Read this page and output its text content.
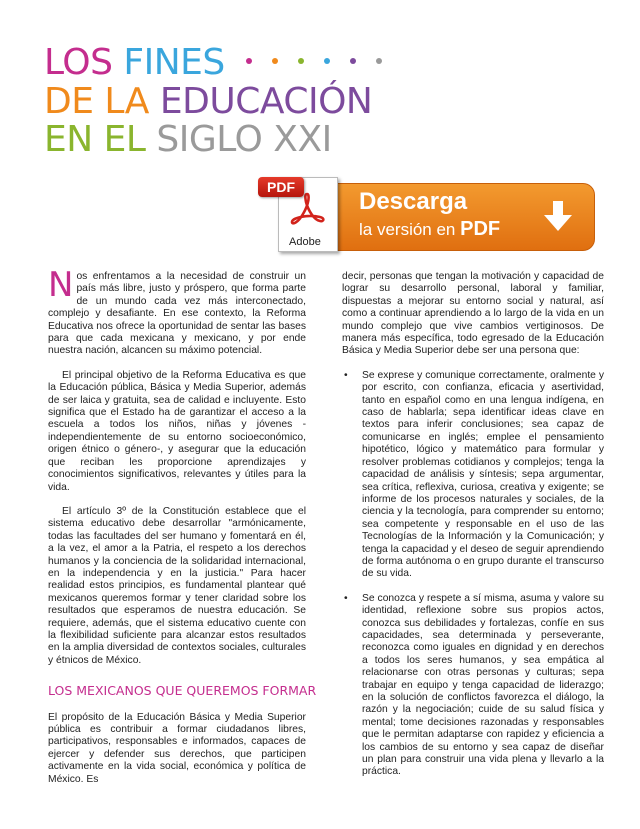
LOS FINES
DE LA EDUCACIÓN
EN EL SIGLO XXI
Descarga
la versión en PDF
Adobe
PDF

Nos enfrentamos a la necesidad de construir un país más libre, justo y próspero, que forma parte de un mundo cada vez más interconectado, complejo y desafiante. En ese contexto, la Reforma Educativa nos ofrece la oportunidad de sentar las bases para que cada mexicana y mexicano, y por ende nuestra nación, alcancen su máximo potencial.

El principal objetivo de la Reforma Educativa es que la Educación pública, Básica y Media Superior, además de ser laica y gratuita, sea de calidad e incluyente. Esto significa que el Estado ha de garantizar el acceso a la escuela a todos los niños, niñas y jóvenes -independientemente de su entorno socioeconómico, origen étnico o género-, y asegurar que la educación que reciban les proporcione aprendizajes y conocimientos significativos, relevantes y útiles para la vida.

El artículo 3º de la Constitución establece que el sistema educativo debe desarrollar "armónicamente, todas las facultades del ser humano y fomentará en él, a la vez, el amor a la Patria, el respeto a los derechos humanos y la conciencia de la solidaridad internacional, en la independencia y en la justicia." Para hacer realidad estos principios, es fundamental plantear qué mexicanos queremos formar y tener claridad sobre los resultados que esperamos de nuestra educación. Se requiere, además, que el sistema educativo cuente con la flexibilidad suficiente para alcanzar estos resultados en la amplia diversidad de contextos sociales, culturales y étnicos de México.

LOS MEXICANOS QUE QUEREMOS FORMAR

El propósito de la Educación Básica y Media Superior pública es contribuir a formar ciudadanos libres, participativos, responsables e informados, capaces de ejercer y defender sus derechos, que participen activamente en la vida social, económica y política de México. Es

decir, personas que tengan la motivación y capacidad de lograr su desarrollo personal, laboral y familiar, dispuestas a mejorar su entorno social y natural, así como a continuar aprendiendo a lo largo de la vida en un mundo complejo que vive cambios vertiginosos. De manera más específica, todo egresado de la Educación Básica y Media Superior debe ser una persona que:

• Se exprese y comunique correctamente, oralmente y por escrito, con confianza, eficacia y asertividad, tanto en español como en una lengua indígena, en caso de hablarla; sepa identificar ideas clave en textos para inferir conclusiones; sea capaz de comunicarse en inglés; emplee el pensamiento hipotético, lógico y matemático para formular y resolver problemas cotidianos y complejos; tenga la capacidad de análisis y síntesis; sepa argumentar, sea crítica, reflexiva, curiosa, creativa y exigente; se informe de los procesos naturales y sociales, de la ciencia y la tecnología, para comprender su entorno; sea competente y responsable en el uso de las Tecnologías de la Información y la Comunicación; y tenga la capacidad y el deseo de seguir aprendiendo de forma autónoma o en grupo durante el transcurso de su vida.
• Se conozca y respete a sí misma, asuma y valore su identidad, reflexione sobre sus propios actos, conozca sus debilidades y fortalezas, confíe en sus capacidades, sea determinada y perseverante, reconozca como iguales en dignidad y en derechos a todos los seres humanos, y sea empática al relacionarse con otras personas y culturas; sepa trabajar en equipo y tenga capacidad de liderazgo; en la solución de conflictos favorezca el diálogo, la razón y la negociación; cuide de su salud física y mental; tome decisiones razonadas y responsables que le permitan adaptarse con rapidez y eficiencia a los cambios de su entorno y sea capaz de diseñar un plan para construir una vida plena y llevarlo a la práctica.
